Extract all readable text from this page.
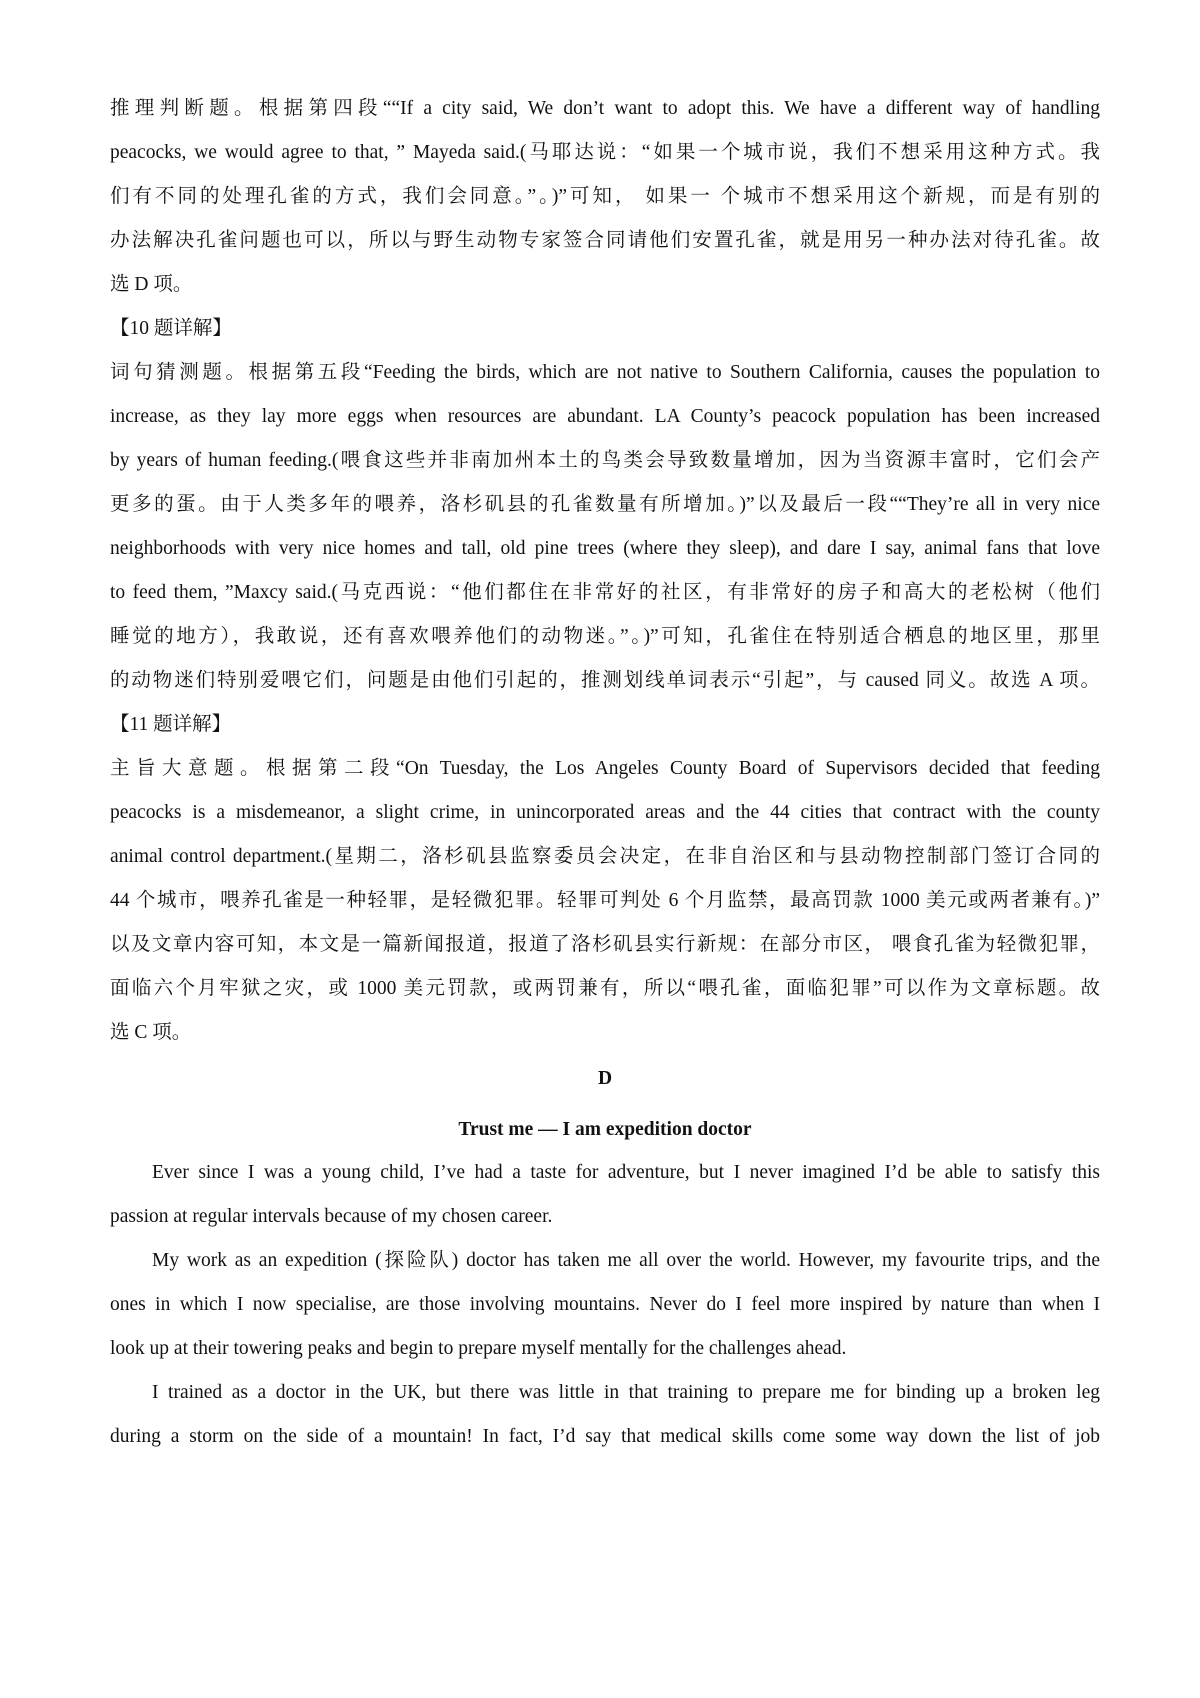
推理判断题。根据第四段““If a city said, We don’t want to adopt this. We have a different way of handling
peacocks, we would agree to that, ” Mayeda said.(马耶达说：“如果一个城市说，我们不想采用这种方式。我
们有不同的处理孔雀的方式，我们会同意。”。)”可知， 如果一 个城市不想采用这个新规，而是有别的
办法解决孔雀问题也可以，所以与野生动物专家签合同请他们安置孔雀，就是用另一种办法对待孔雀。故
选 D 项。
【10 题详解】
词句猜测题。根据第五段“Feeding the birds, which are not native to Southern California, causes the population to
increase, as they lay more eggs when resources are abundant. LA County’s peacock population has been increased
by years of human feeding.(喂食这些并非南加州本土的鸟类会导致数量增加，因为当资源丰富时，它们会产
更多的蛋。由于人类多年的喂养，洛杉矶县的孔雀数量有所增加。)”以及最后一段““They’re all in very nice
neighborhoods with very nice homes and tall, old pine trees (where they sleep), and dare I say, animal fans that love
to feed them, ”Maxcy said.(马克西说：“他们都住在非常好的社区，有非常好的房子和高大的老松树（他们
睡觉的地方），我敢说，还有喜欢喂养他们的动物迷。”。)”可知，孔雀住在特别适合栖息的地区里，那里
的动物迷们特别爱喂它们，问题是由他们引起的，推测划线单词表示“引起”，与 caused 同义。故选 A 项。
【11 题详解】
主旨大意题。根据第二段“On Tuesday, the Los Angeles County Board of Supervisors decided that feeding
peacocks is a misdemeanor, a slight crime, in unincorporated areas and the 44 cities that contract with the county
animal control department.(星期二，洛杉矶县监察委员会决定，在非自治区和与县动物控制部门签订合同的
44 个城市，喂养孔雀是一种轻罪，是轻微犯罪。轻罪可判处 6 个月监禁，最高罚款 1000 美元或两者兼有。)”
以及文章内容可知，本文是一篇新闻报道，报道了洛杉矶县实行新规：在部分市区， 喂食孔雀为轻微犯罪，
面临六个月牢狱之灾，或 1000 美元罚款，或两罚兼有，所以“喂孔雀，面临犯罪”可以作为文章标题。故
选 C 项。
D
Trust me — I am expedition doctor
Ever since I was a young child, I’ve had a taste for adventure, but I never imagined I’d be able to satisfy this
passion at regular intervals because of my chosen career.
My work as an expedition (探险队) doctor has taken me all over the world. However, my favourite trips, and the
ones in which I now specialise, are those involving mountains. Never do I feel more inspired by nature than when I
look up at their towering peaks and begin to prepare myself mentally for the challenges ahead.
I trained as a doctor in the UK, but there was little in that training to prepare me for binding up a broken leg
during a storm on the side of a mountain! In fact, I’d say that medical skills come some way down the list of job
